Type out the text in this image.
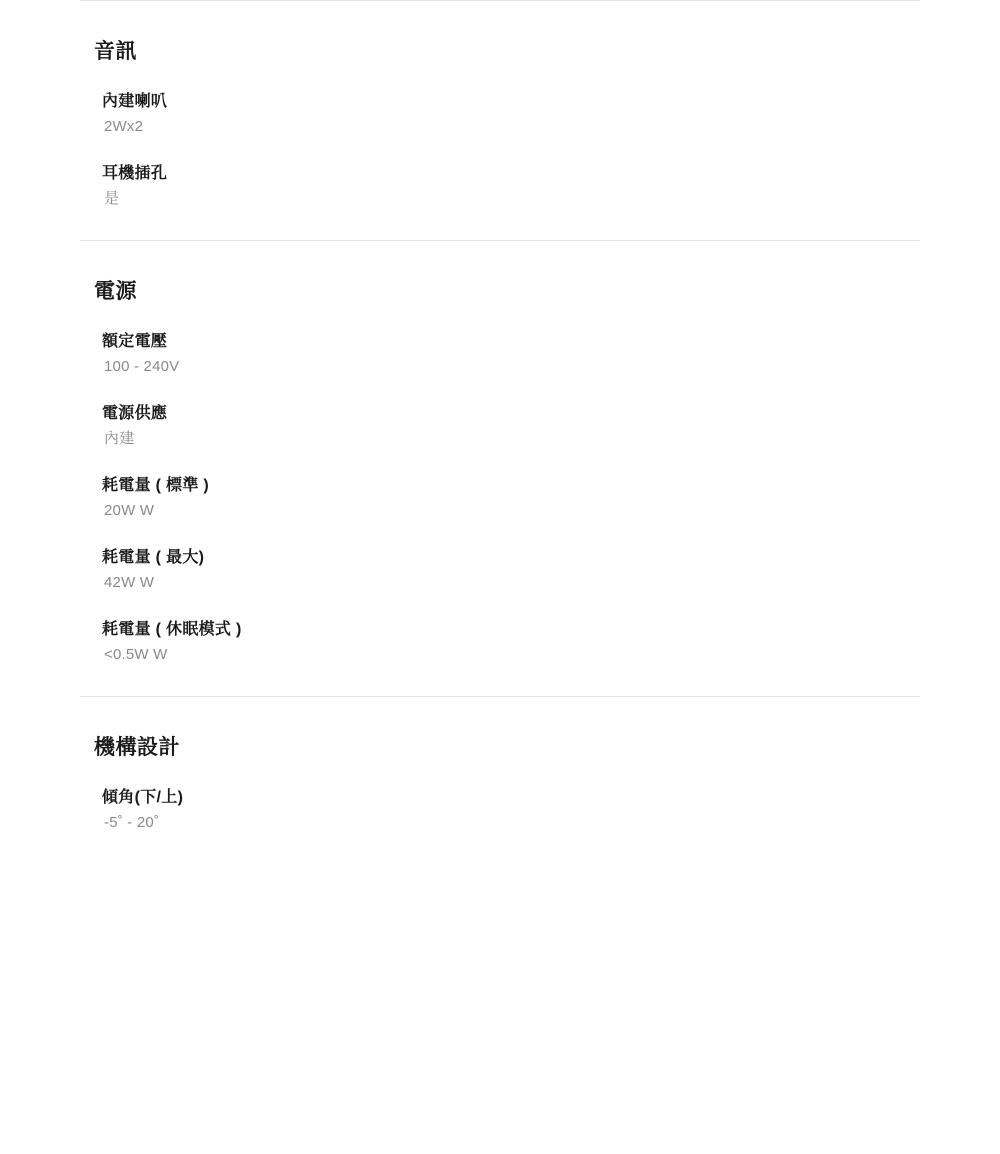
音訊
內建喇叭
2Wx2
耳機插孔
是
電源
額定電壓
100 - 240V
電源供應
內建
耗電量 ( 標準 )
20W W
耗電量 ( 最大)
42W W
耗電量 ( 休眠模式 )
<0.5W W
機構設計
傾角(下/上)
-5˚ - 20˚
